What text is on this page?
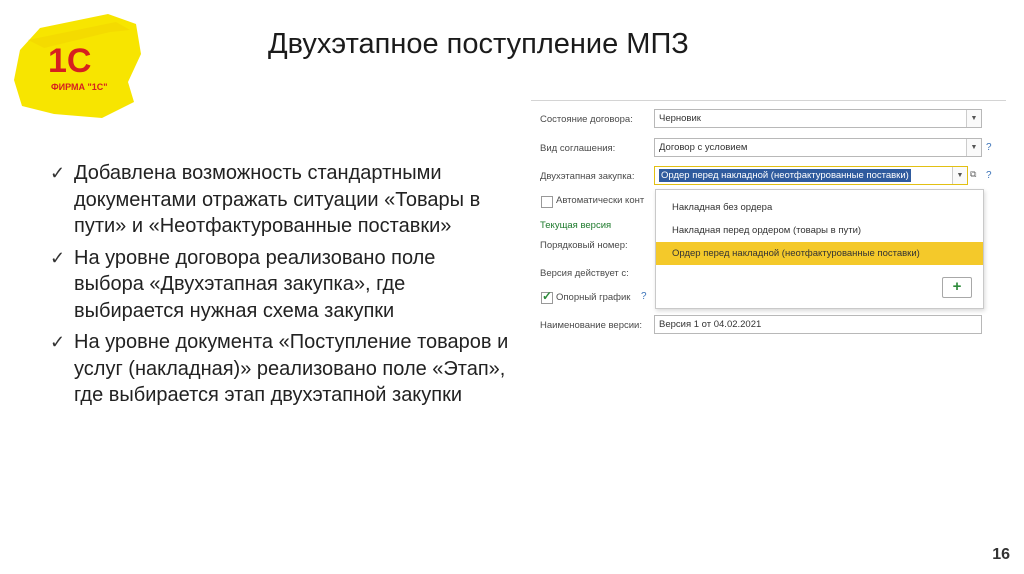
1С
ФИРМА "1С"
Двухэтапное поступление МПЗ
✓ Добавлена возможность стандартными документами отражать ситуации «Товары в пути» и «Неотфактурованные поставки»
✓ На уровне договора реализовано поле выбора «Двухэтапная закупка», где выбирается нужная схема закупки
✓ На уровне документа «Поступление товаров и услуг (накладная)» реализовано поле «Этап», где выбирается этап двухэтапной закупки
Состояние договора:	Черновик	▼
Вид соглашения:	Договор с условием	▼ ?
Двухэтапная закупка:	Ордер перед накладной (неотфактурованные поставки)	▼ ⧉ ?
Автоматически конт
Текущая версия
Порядковый номер:
Версия действует с:
✓ Опорный график ?
Наименование версии:	Версия 1 от 04.02.2021
Накладная без ордера
Накладная перед ордером (товары в пути)
Ордер перед накладной (неотфактурованные поставки)
+
16
